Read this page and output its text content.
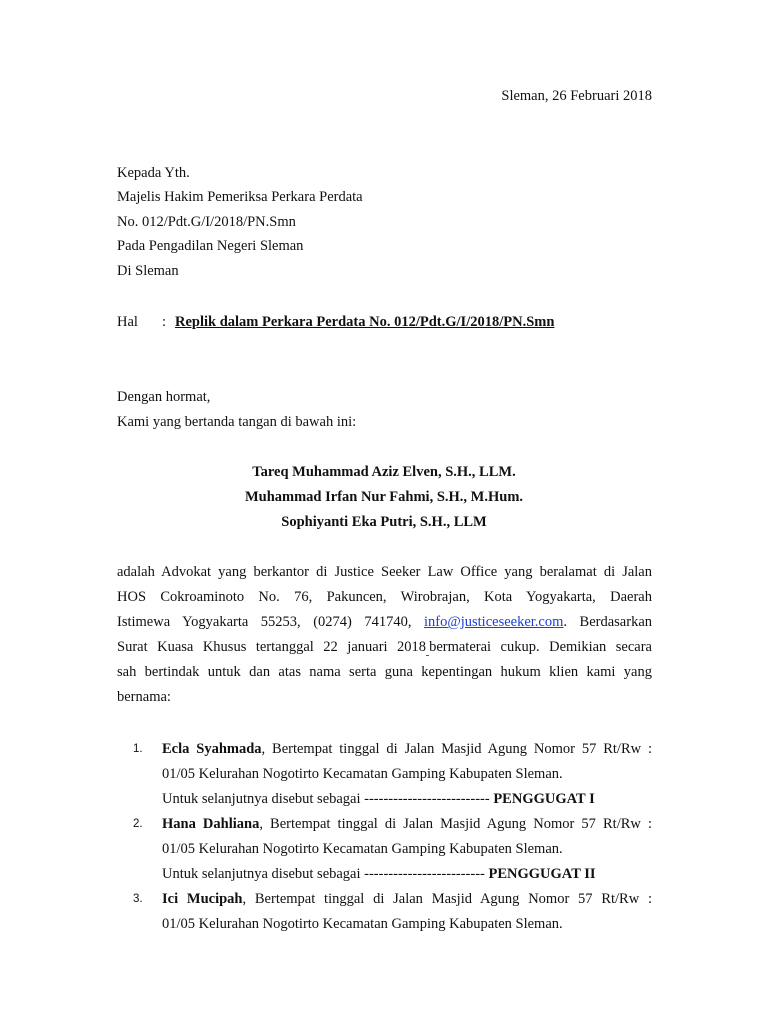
Sleman, 26 Februari 2018
Kepada Yth.
Majelis Hakim Pemeriksa Perkara Perdata
No. 012/Pdt.G/I/2018/PN.Smn
Pada Pengadilan Negeri Sleman
Di Sleman
Hal : Replik dalam Perkara Perdata No. 012/Pdt.G/I/2018/PN.Smn
Dengan hormat,
Kami yang bertanda tangan di bawah ini:
Tareq Muhammad Aziz Elven, S.H., LLM.
Muhammad Irfan Nur Fahmi, S.H., M.Hum.
Sophiyanti Eka Putri, S.H., LLM
adalah Advokat yang berkantor di Justice Seeker Law Office yang beralamat di Jalan
HOS Cokroaminoto No. 76, Pakuncen, Wirobrajan, Kota Yogyakarta, Daerah
Istimewa Yogyakarta 55253, (0274) 741740, info@justiceseeker.com. Berdasarkan
Surat Kuasa Khusus tertanggal 22 januari 2018 bermaterai cukup. Demikian secara
sah bertindak untuk dan atas nama serta guna kepentingan hukum klien kami yang
bernama:
1.	Ecla Syahmada, Bertempat tinggal di Jalan Masjid Agung Nomor 57 Rt/Rw :
01/05 Kelurahan Nogotirto Kecamatan Gamping Kabupaten Sleman.
Untuk selanjutnya disebut sebagai -------------------------- PENGGUGAT I
2.	Hana Dahliana, Bertempat tinggal di Jalan Masjid Agung Nomor 57 Rt/Rw :
01/05 Kelurahan Nogotirto Kecamatan Gamping Kabupaten Sleman.
Untuk selanjutnya disebut sebagai ------------------------- PENGGUGAT II
3.	Ici Mucipah, Bertempat tinggal di Jalan Masjid Agung Nomor 57 Rt/Rw :
01/05 Kelurahan Nogotirto Kecamatan Gamping Kabupaten Sleman.
